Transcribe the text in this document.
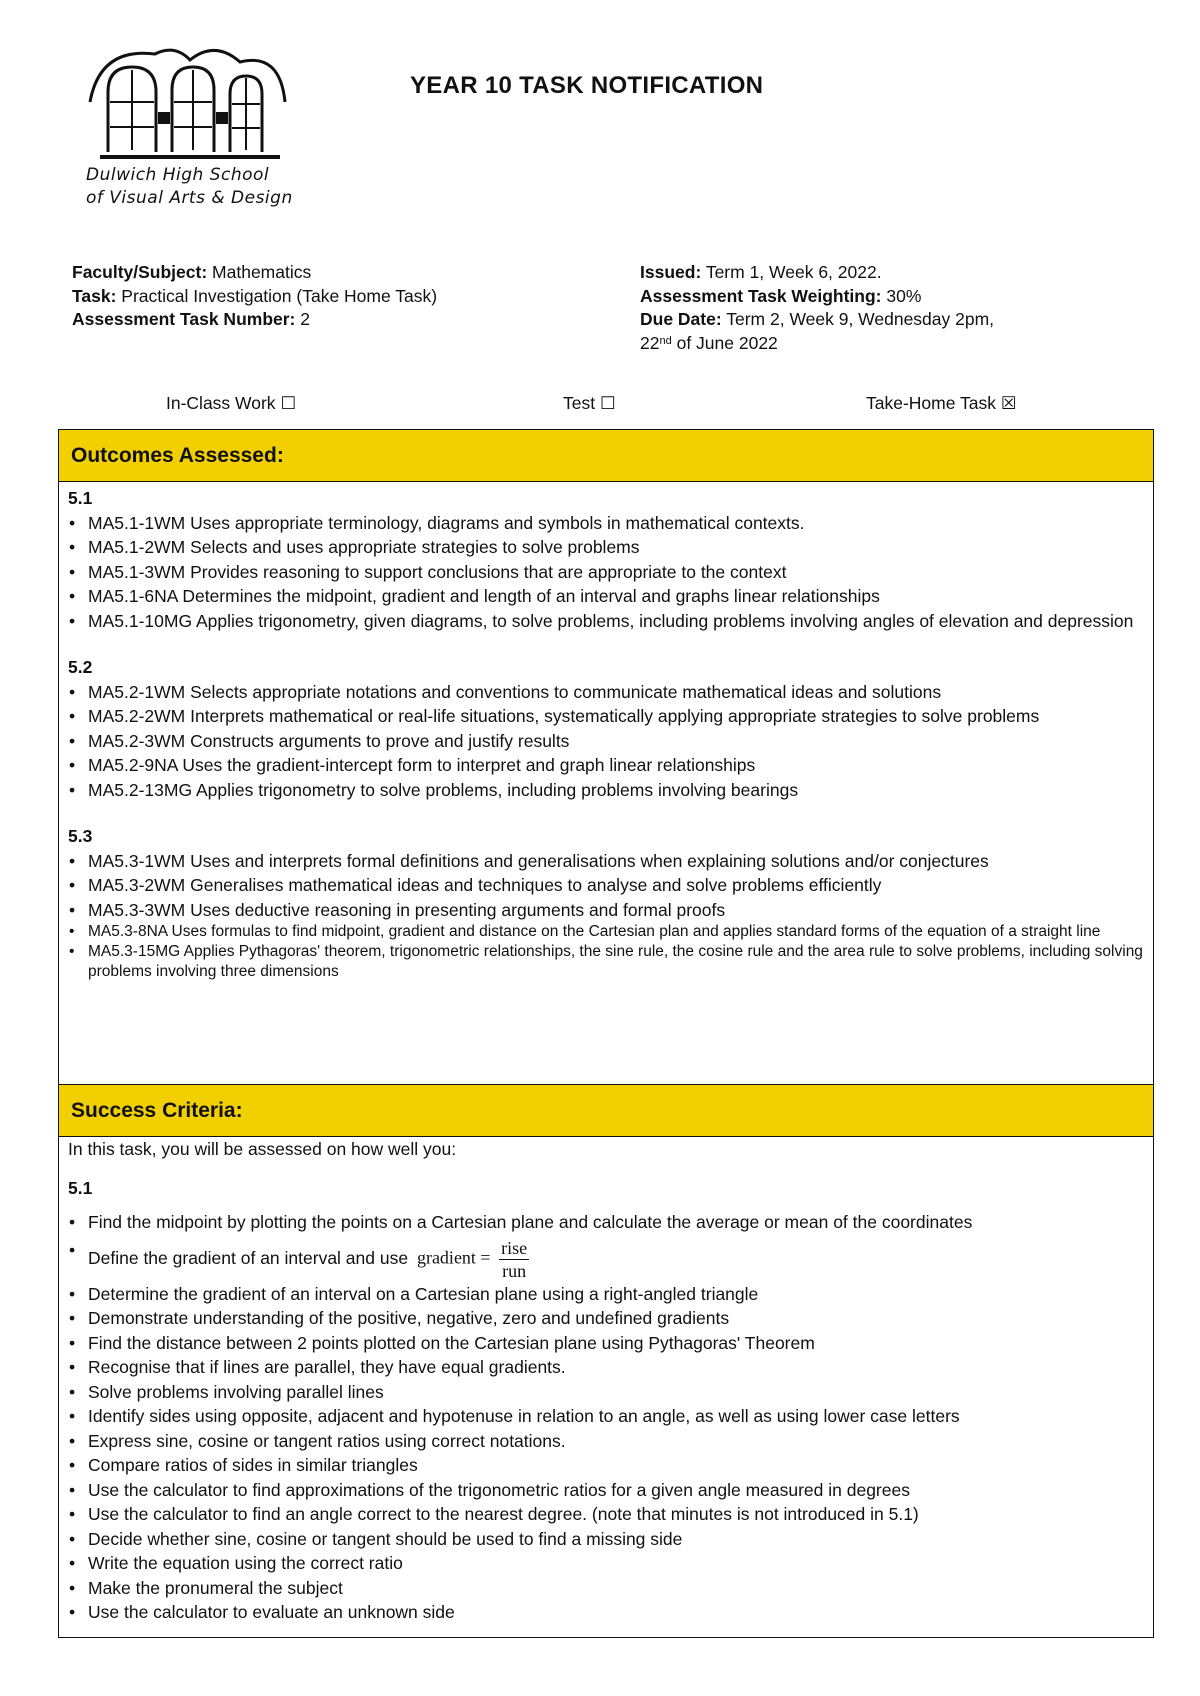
Dulwich High School
of Visual Arts & Design
YEAR 10 TASK NOTIFICATION
Faculty/Subject: Mathematics
Task: Practical Investigation (Take Home Task)
Assessment Task Number: 2
Issued: Term 1, Week 6, 2022.
Assessment Task Weighting: 30%
Due Date: Term 2, Week 9, Wednesday 2pm,
22nd of June 2022
In-Class Work ☐	Test ☐	Take-Home Task ☒
Outcomes Assessed:
5.1
• MA5.1-1WM Uses appropriate terminology, diagrams and symbols in mathematical contexts.
• MA5.1-2WM Selects and uses appropriate strategies to solve problems
• MA5.1-3WM Provides reasoning to support conclusions that are appropriate to the context
• MA5.1-6NA Determines the midpoint, gradient and length of an interval and graphs linear relationships
• MA5.1-10MG Applies trigonometry, given diagrams, to solve problems, including problems involving angles of elevation and depression
5.2
• MA5.2-1WM Selects appropriate notations and conventions to communicate mathematical ideas and solutions
• MA5.2-2WM Interprets mathematical or real-life situations, systematically applying appropriate strategies to solve problems
• MA5.2-3WM Constructs arguments to prove and justify results
• MA5.2-9NA Uses the gradient-intercept form to interpret and graph linear relationships
• MA5.2-13MG Applies trigonometry to solve problems, including problems involving bearings
5.3
• MA5.3-1WM Uses and interprets formal definitions and generalisations when explaining solutions and/or conjectures
• MA5.3-2WM Generalises mathematical ideas and techniques to analyse and solve problems efficiently
• MA5.3-3WM Uses deductive reasoning in presenting arguments and formal proofs
• MA5.3-8NA Uses formulas to find midpoint, gradient and distance on the Cartesian plan and applies standard forms of the equation of a straight line
• MA5.3-15MG Applies Pythagoras' theorem, trigonometric relationships, the sine rule, the cosine rule and the area rule to solve problems, including solving problems involving three dimensions
Success Criteria:
In this task, you will be assessed on how well you:
5.1
• Find the midpoint by plotting the points on a Cartesian plane and calculate the average or mean of the coordinates
• Define the gradient of an interval and use gradient = rise
run
• Determine the gradient of an interval on a Cartesian plane using a right-angled triangle
• Demonstrate understanding of the positive, negative, zero and undefined gradients
• Find the distance between 2 points plotted on the Cartesian plane using Pythagoras' Theorem
• Recognise that if lines are parallel, they have equal gradients.
• Solve problems involving parallel lines
• Identify sides using opposite, adjacent and hypotenuse in relation to an angle, as well as using lower case letters
• Express sine, cosine or tangent ratios using correct notations.
• Compare ratios of sides in similar triangles
• Use the calculator to find approximations of the trigonometric ratios for a given angle measured in degrees
• Use the calculator to find an angle correct to the nearest degree. (note that minutes is not introduced in 5.1)
• Decide whether sine, cosine or tangent should be used to find a missing side
• Write the equation using the correct ratio
• Make the pronumeral the subject
• Use the calculator to evaluate an unknown side
